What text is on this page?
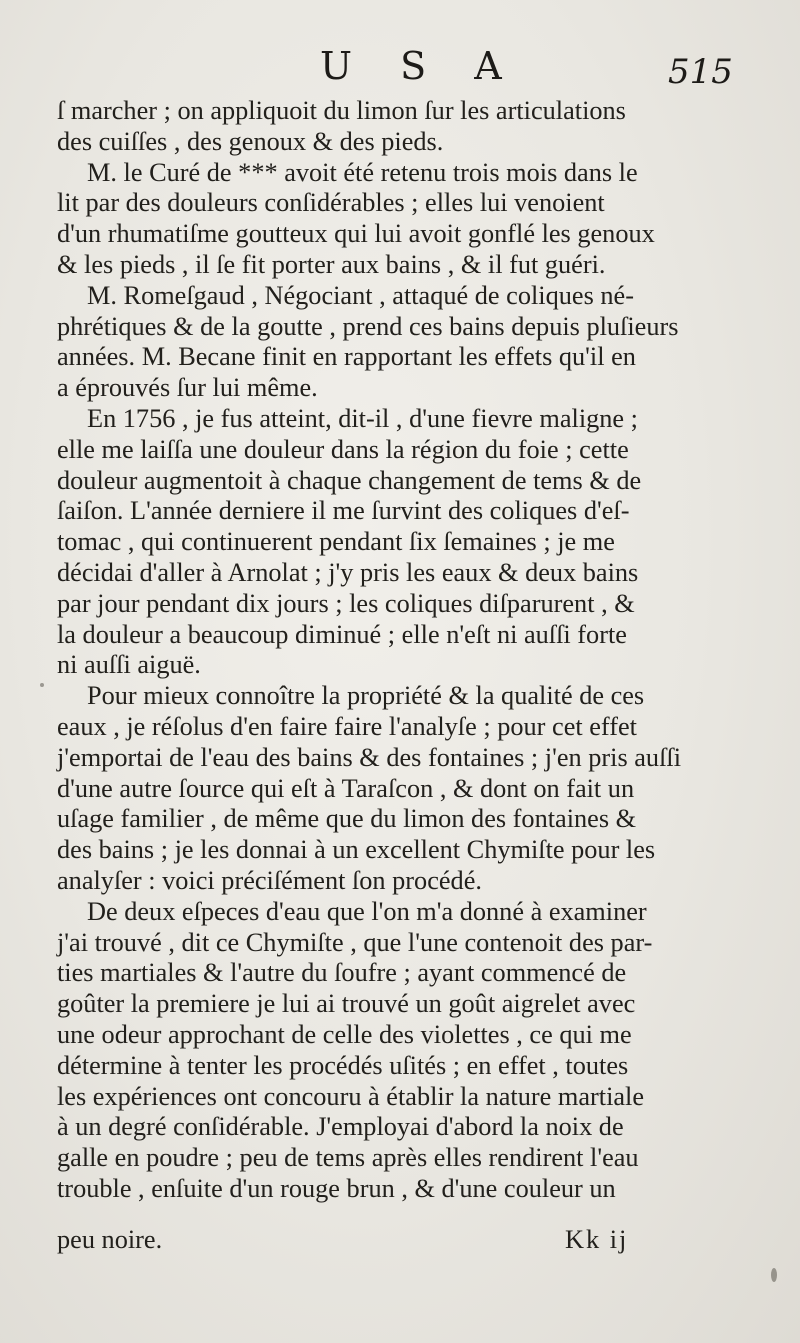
U S A	515
ſ marcher ; on appliquoit du limon ſur les articulations
des cuiſſes , des genoux & des pieds.
M. le Curé de *** avoit été retenu trois mois dans le
lit par des douleurs conſidérables ; elles lui venoient
d'un rhumatiſme goutteux qui lui avoit gonflé les genoux
& les pieds , il ſe fit porter aux bains , & il fut guéri.
M. Romeſgaud , Négociant , attaqué de coliques né-
phrétiques & de la goutte , prend ces bains depuis pluſieurs
années. M. Becane finit en rapportant les effets qu'il en
a éprouvés ſur lui même.
En 1756 , je fus atteint, dit-il , d'une fievre maligne ;
elle me laiſſa une douleur dans la région du foie ; cette
douleur augmentoit à chaque changement de tems & de
ſaiſon. L'année derniere il me ſurvint des coliques d'eſ-
tomac , qui continuerent pendant ſix ſemaines ; je me
décidai d'aller à Arnolat ; j'y pris les eaux & deux bains
par jour pendant dix jours ; les coliques diſparurent , &
la douleur a beaucoup diminué ; elle n'eſt ni auſſi forte
ni auſſi aiguë.
Pour mieux connoître la propriété & la qualité de ces
eaux , je réſolus d'en faire faire l'analyſe ; pour cet effet
j'emportai de l'eau des bains & des fontaines ; j'en pris auſſi
d'une autre ſource qui eſt à Taraſcon , & dont on fait un
uſage familier , de même que du limon des fontaines &
des bains ; je les donnai à un excellent Chymiſte pour les
analyſer : voici préciſément ſon procédé.
De deux eſpeces d'eau que l'on m'a donné à examiner
j'ai trouvé , dit ce Chymiſte , que l'une contenoit des par-
ties martiales & l'autre du ſoufre ; ayant commencé de
goûter la premiere je lui ai trouvé un goût aigrelet avec
une odeur approchant de celle des violettes , ce qui me
détermine à tenter les procédés uſités ; en effet , toutes
les expériences ont concouru à établir la nature martiale
à un degré conſidérable. J'employai d'abord la noix de
galle en poudre ; peu de tems après elles rendirent l'eau
trouble , enſuite d'un rouge brun , & d'une couleur un
peu noire.	Kk ij
